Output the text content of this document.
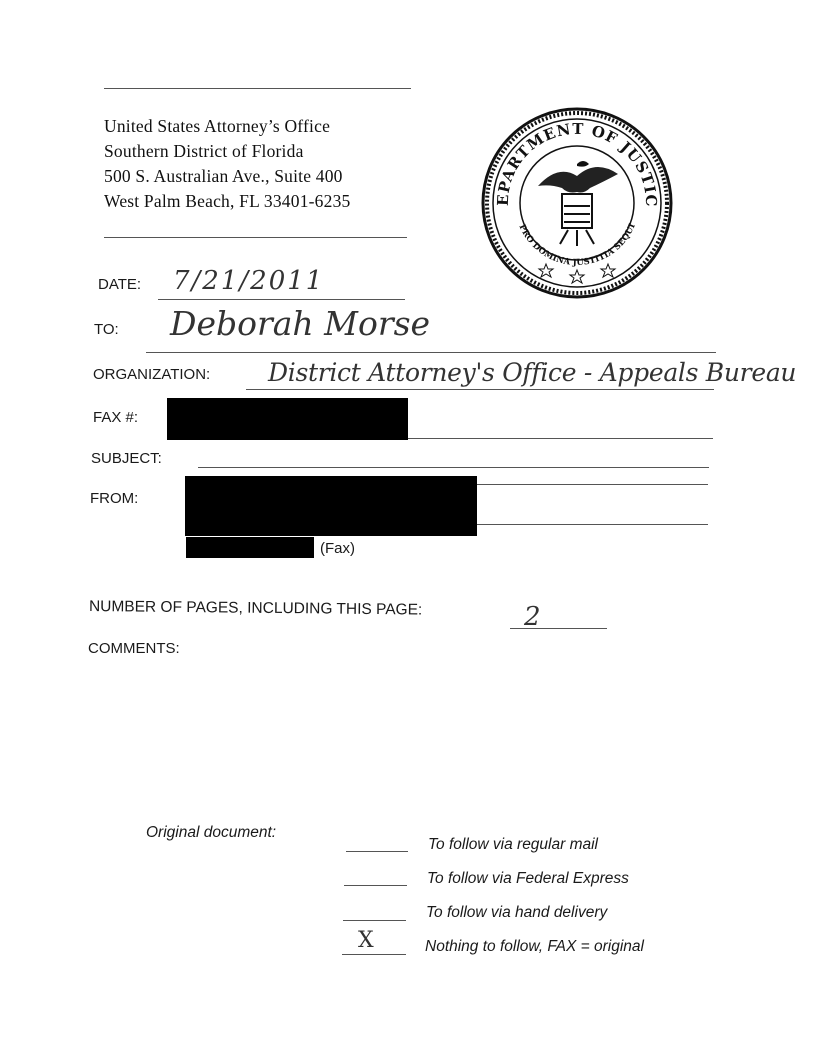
United States Attorney’s Office
Southern District of Florida
500 S. Australian Ave., Suite 400
West Palm Beach, FL 33401-6235	EPARTMENT OF JUSTIC
PRO DOMINA JUSTITIA SEQUI
DATE: 7/21/2011
TO: Deborah Morse
ORGANIZATION: District Attorney's Office - Appeals Bureau
FAX #:
SUBJECT:
FROM:
(Fax)
NUMBER OF PAGES, INCLUDING THIS PAGE:	2
COMMENTS:
Original document:
To follow via regular mail
To follow via Federal Express
To follow via hand delivery
X	Nothing to follow, FAX = original
